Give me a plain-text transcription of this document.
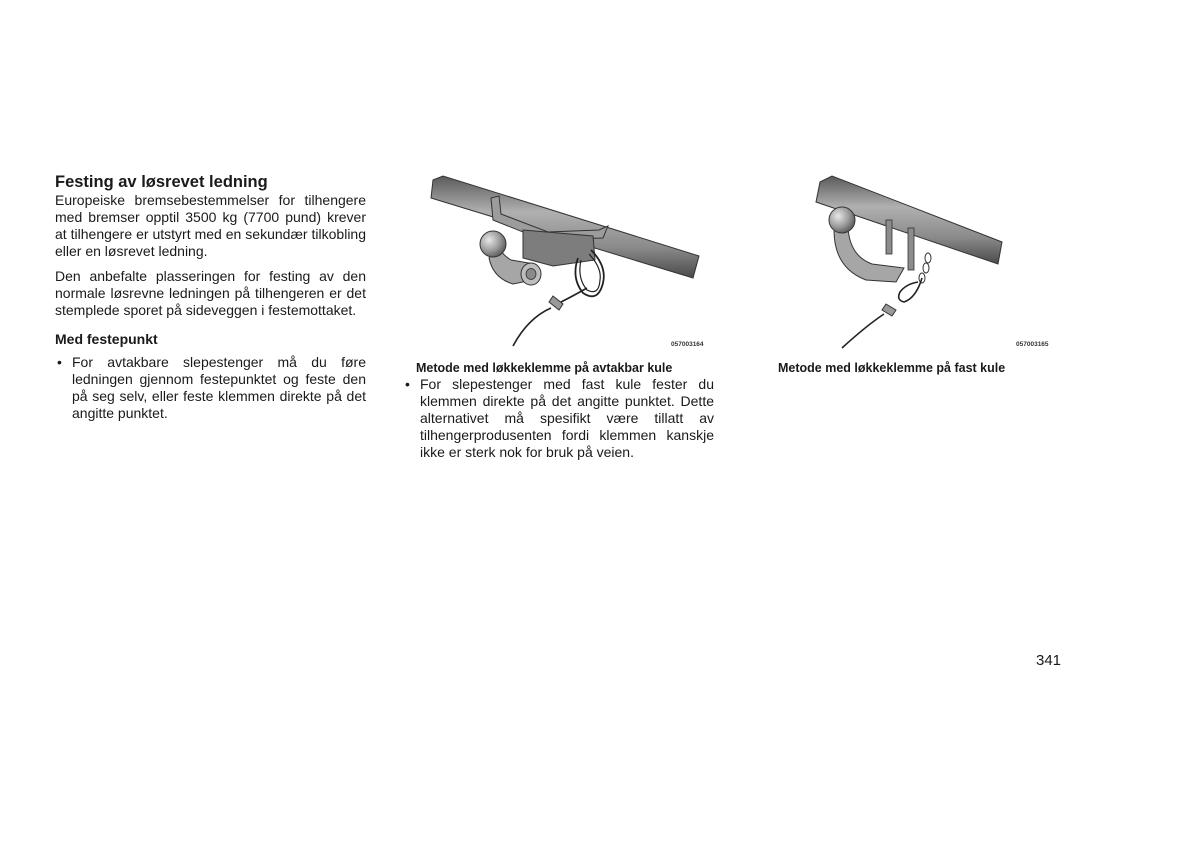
Festing av løsrevet ledning

Europeiske bremsebestemmelser for tilhengere med bremser opptil 3500 kg (7700 pund) krever at tilhengere er utstyrt med en sekundær tilkobling eller en løsrevet ledning.

Den anbefalte plasseringen for festing av den normale løsrevne ledningen på tilhengeren er det stemplede sporet på sideveggen i festemottaket.

Med festepunkt
• For avtakbare slepestenger må du føre ledningen gjennom festepunktet og feste den på seg selv, eller feste klemmen direkte på det angitte punktet.
057003164
Metode med løkkeklemme på avtakbar kule
• For slepestenger med fast kule fester du klemmen direkte på det angitte punktet. Dette alternativet må spesifikt være tillatt av tilhengerprodusenten fordi klemmen kanskje ikke er sterk nok for bruk på veien.
057003165
Metode med løkkeklemme på fast kule
341
